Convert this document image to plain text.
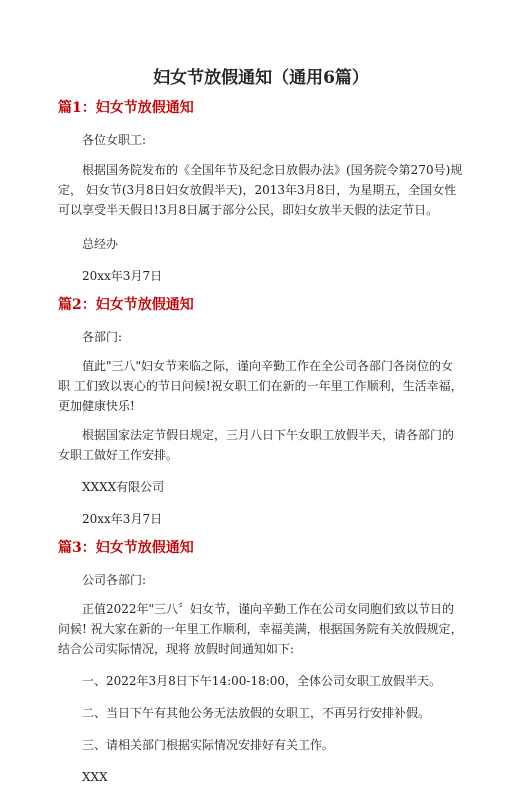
妇女节放假通知（通用6篇）
篇1：妇女节放假通知

各位女职工:

根据国务院发布的《全国年节及纪念日放假办法》(国务院令第270号)规定， 妇女节(3月8日妇女放假半天)，2013年3月8日，为星期五，全国女性可以享受半天假日!3月8日属于部分公民，即妇女放半天假的法定节日。

总经办

20xx年3月7日

篇2：妇女节放假通知

各部门:

值此"三八"妇女节来临之际，谨向辛勤工作在全公司各部门各岗位的女职 工们致以衷心的节日问候!祝女职工们在新的一年里工作顺利，生活幸福，更加健康快乐!

根据国家法定节假日规定，三月八日下午女职工放假半天，请各部门的女职工做好工作安排。

XXXX有限公司

20xx年3月7日

篇3：妇女节放假通知

公司各部门:

正值2022年"三八〞妇女节，谨向辛勤工作在公司女同胞们致以节日的问候! 祝大家在新的一年里工作顺利，幸福美满，根据国务院有关放假规定，结合公司实际情况，现将 放假时间通知如下:

一、2022年3月8日下午14:00-18:00，全体公司女职工放假半天。

二、当日下午有其他公务无法放假的女职工，不再另行安排补假。

三、请相关部门根据实际情况安排好有关工作。

XXX
